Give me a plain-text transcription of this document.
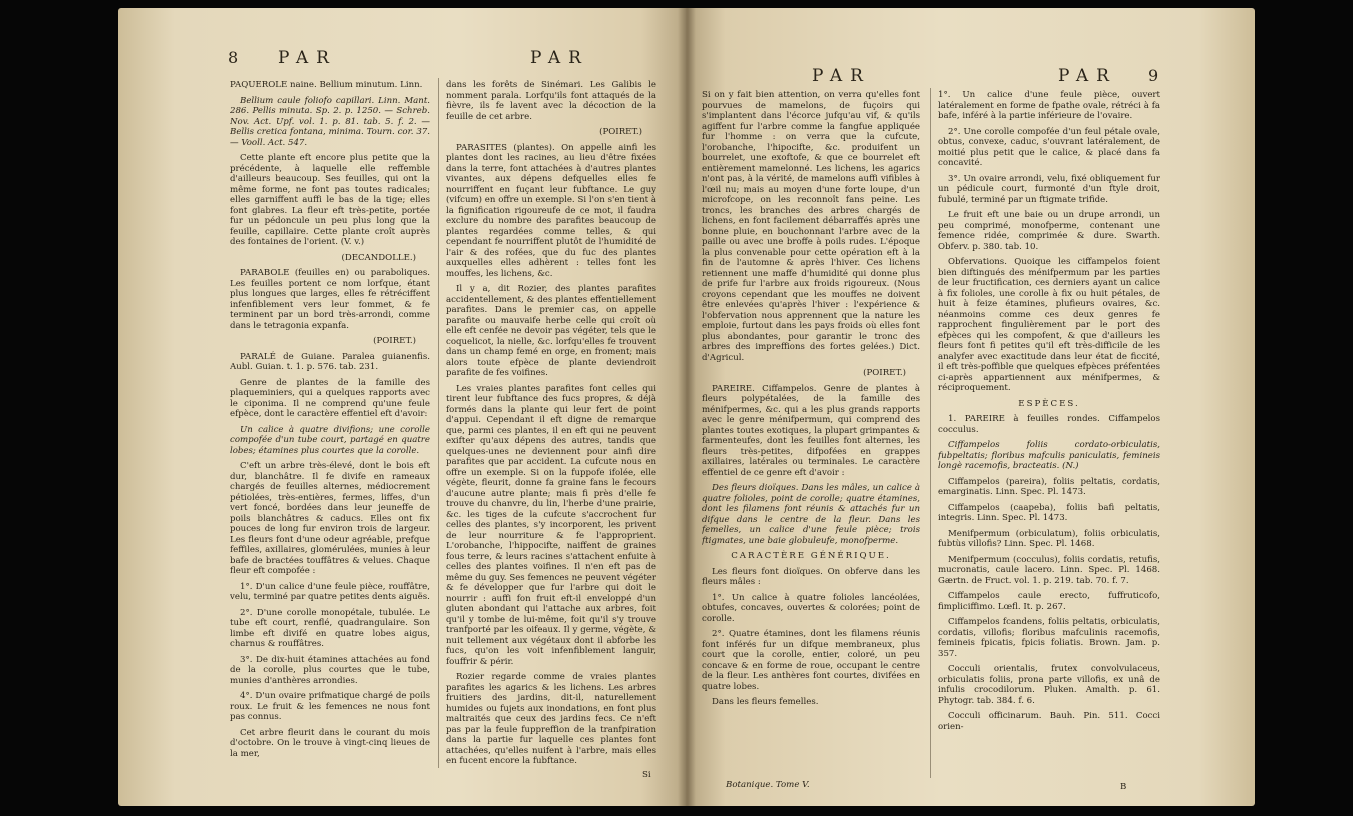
8 PAR	PAR

PAQUEROLE naine. Bellium minutum. Linn.

Bellium caule foliofo capillari. Linn. Mant. 286. Pellis minuta. Sp. 2. p. 1250. — Schreb. Nov. Act. Upf. vol. 1. p. 81. tab. 5. f. 2. — Bellis cretica fontana, minima. Tourn. cor. 37. — Vooll. Act. 547.

Cette plante eft encore plus petite que la précédente, à laquelle elle reffemble d'ailleurs beaucoup. Ses feuilles, qui ont la même forme, ne font pas toutes radicales; elles garniffent auffi le bas de la tige; elles font glabres. La fleur eft très-petite, portée fur un pédoncule un peu plus long que la feuille, capillaire. Cette plante croît auprès des fontaines de l'orient. (V. v.)

(DECANDOLLE.)

PARABOLE (feuilles en) ou paraboliques. Les feuilles portent ce nom lorfque, étant plus longues que larges, elles fe rétréciffent infenfiblement vers leur fommet, & fe terminent par un bord très-arrondi, comme dans le tetragonia expanfa.

(POIRET.)

PARALÉ de Guiane. Paralea guianenfis. Aubl. Guian. t. 1. p. 576. tab. 231.

Genre de plantes de la famille des plaqueminiers, qui a quelques rapports avec le ciponima. Il ne comprend qu'une feule efpèce, dont le caractère effentiel eft d'avoir:

Un calice à quatre divifions; une corolle compofée d'un tube court, partagé en quatre lobes; étamines plus courtes que la corolle.

C'eft un arbre très-élevé, dont le bois eft dur, blanchâtre. Il fe divife en rameaux chargés de feuilles alternes, médiocrement pétiolées, très-entières, fermes, liffes, d'un vert foncé, bordées dans leur jeuneffe de poils blanchâtres & caducs. Elles ont fix pouces de long fur environ trois de largeur. Les fleurs font d'une odeur agréable, prefque feffiles, axillaires, glomérulées, munies à leur bafe de bractées touffâtres & velues. Chaque fleur eft compofée :

1°. D'un calice d'une feule pièce, rouffâtre, velu, terminé par quatre petites dents aiguës.

2°. D'une corolle monopétale, tubulée. Le tube eft court, renflé, quadrangulaire. Son limbe eft divifé en quatre lobes aigus, charnus & rouffâtres.

3°. De dix-huit étamines attachées au fond de la corolle, plus courtes que le tube, munies d'anthères arrondies.

4°. D'un ovaire prifmatique chargé de poils roux. Le fruit & les femences ne nous font pas connus.

Cet arbre fleurit dans le courant du mois d'octobre. On le trouve à vingt-cinq lieues de la mer,

dans les forêts de Sinémari. Les Galibis le nomment parala. Lorfqu'ils font attaqués de la fièvre, ils fe lavent avec la décoction de la feuille de cet arbre.

(POIRET.)

PARASITES (plantes). On appelle ainfi les plantes dont les racines, au lieu d'être fixées dans la terre, font attachées à d'autres plantes vivantes, aux dépens defquelles elles fe nourriffent en fuçant leur fubftance. Le guy (vifcum) en offre un exemple. Si l'on s'en tient à la fignification rigoureufe de ce mot, il faudra exclure du nombre des parafites beaucoup de plantes regardées comme telles, & qui cependant fe nourriffent plutôt de l'humidité de l'air & des rofées, que du fuc des plantes auxquelles elles adhèrent : telles font les mouffes, les lichens, &c.

Il y a, dit Rozier, des plantes parafites accidentellement, & des plantes effentiellement parafites. Dans le premier cas, on appelle parafite ou mauvaife herbe celle qui croît où elle eft cenfée ne devoir pas végéter, tels que le coquelicot, la nielle, &c. lorfqu'elles fe trouvent dans un champ femé en orge, en froment; mais alors toute efpèce de plante deviendroit parafite de fes voifines.

Les vraies plantes parafites font celles qui tirent leur fubftance des fucs propres, & déjà formés dans la plante qui leur fert de point d'appui. Cependant il eft digne de remarque que, parmi ces plantes, il en eft qui ne peuvent exifter qu'aux dépens des autres, tandis que quelques-unes ne deviennent pour ainfi dire parafites que par accident. La cufcute nous en offre un exemple. Si on la fuppofe ifolée, elle végète, fleurit, donne fa graine fans le fecours d'aucune autre plante; mais fi près d'elle fe trouve du chanvre, du lin, l'herbe d'une prairie, &c. les tiges de la cufcute s'accrochent fur celles des plantes, s'y incorporent, les privent de leur nourriture & fe l'approprient. L'orobanche, l'hippocifte, naiffent de graines fous terre, & leurs racines s'attachent enfuite à celles des plantes voifines. Il n'en eft pas de même du guy. Ses femences ne peuvent végéter & fe développer que fur l'arbre qui doit le nourrir : auffi fon fruit eft-il enveloppé d'un gluten abondant qui l'attache aux arbres, foit qu'il y tombe de lui-même, foit qu'il s'y trouve tranfporté par les oifeaux. Il y germe, végète, & nuit tellement aux végétaux dont il abforbe les fucs, qu'on les voit infenfiblement languir, fouffrir & périr.

Rozier regarde comme de vraies plantes parafites les agarics & les lichens. Les arbres fruitiers des jardins, dit-il, naturellement humides ou fujets aux inondations, en font plus maltraités que ceux des jardins fecs. Ce n'eft pas par la feule fuppreffion de la tranfpiration dans la partie fur laquelle ces plantes font attachées, qu'elles nuifent à l'arbre, mais elles en fucent encore la fubftance.

Si
PAR	PAR 9

Si on y fait bien attention, on verra qu'elles font pourvues de mamelons, de fuçoirs qui s'implantent dans l'écorce jufqu'au vif, & qu'ils agiffent fur l'arbre comme la fangfue appliquée fur l'homme : on verra que la cufcute, l'orobanche, l'hipocifte, &c. produifent un bourrelet, une exoftofe, & que ce bourrelet eft entièrement mamelonné. Les lichens, les agarics n'ont pas, à la vérité, de mamelons auffi vifibles à l'œil nu; mais au moyen d'une forte loupe, d'un microfcope, on les reconnoît fans peine. Les troncs, les branches des arbres chargés de lichens, en font facilement débarraffés après une bonne pluie, en bouchonnant l'arbre avec de la paille ou avec une broffe à poils rudes. L'époque la plus convenable pour cette opération eft à la fin de l'automne & après l'hiver. Ces lichens retiennent une maffe d'humidité qui donne plus de prife fur l'arbre aux froids rigoureux. (Nous croyons cependant que les mouffes ne doivent être enlevées qu'après l'hiver : l'expérience & l'obfervation nous apprennent que la nature les emploie, furtout dans les pays froids où elles font plus abondantes, pour garantir le tronc des arbres des impreffions des fortes gelées.) Dict. d'Agricul.

(POIRET.)

PAREIRE. Ciffampelos. Genre de plantes à fleurs polypétalées, de la famille des ménifpermes, &c. qui a les plus grands rapports avec le genre ménifpermum, qui comprend des plantes toutes exotiques, la plupart grimpantes & farmenteufes, dont les feuilles font alternes, les fleurs très-petites, difpofées en grappes axillaires, latérales ou terminales. Le caractère effentiel de ce genre eft d'avoir :

Des fleurs dioïques. Dans les mâles, un calice à quatre folioles, point de corolle; quatre étamines, dont les filamens font réunis & attachés fur un difque dans le centre de la fleur. Dans les femelles, un calice d'une feule pièce; trois ftigmates, une baie globuleufe, monofperme.

CARACTÈRE GÉNÉRIQUE.

Les fleurs font dioïques. On obferve dans les fleurs mâles :

1°. Un calice à quatre folioles lancéolées, obtufes, concaves, ouvertes & colorées; point de corolle.

2°. Quatre étamines, dont les filamens réunis font inférés fur un difque membraneux, plus court que la corolle, entier, coloré, un peu concave & en forme de roue, occupant le centre de la fleur. Les anthères font courtes, divifées en quatre lobes.

Dans les fleurs femelles.

Botanique. Tome V.

1°. Un calice d'une feule pièce, ouvert latéralement en forme de fpathe ovale, rétréci à fa bafe, inféré à la partie inférieure de l'ovaire.

2°. Une corolle compofée d'un feul pétale ovale, obtus, convexe, caduc, s'ouvrant latéralement, de moitié plus petit que le calice, & placé dans fa concavité.

3°. Un ovaire arrondi, velu, fixé obliquement fur un pédicule court, furmonté d'un ftyle droit, fubulé, terminé par un ftigmate trifide.

Le fruit eft une baie ou un drupe arrondi, un peu comprimé, monofperme, contenant une femence ridée, comprimée & dure. Swarth. Obferv. p. 380. tab. 10.

Obfervations. Quoique les ciffampelos foient bien diftingués des ménifpermum par les parties de leur fructification, ces derniers ayant un calice à fix folioles, une corolle à fix ou huit pétales, de huit à feize étamines, plufieurs ovaires, &c. néanmoins comme ces deux genres fe rapprochent fingulièrement par le port des efpèces qui les compofent, & que d'ailleurs les fleurs font fi petites qu'il eft très-difficile de les analyfer avec exactitude dans leur état de ficcité, il eft très-poffible que quelques efpèces préfentées ci-après appartiennent aux ménifpermes, & réciproquement.

ESPÈCES.

1. PAREIRE à feuilles rondes. Ciffampelos cocculus.

Ciffampelos foliis cordato-orbiculatis, fubpeltatis; floribus mafculis paniculatis, femineis longè racemofis, bracteatis. (N.)

Ciffampelos (pareira), foliis peltatis, cordatis, emarginatis. Linn. Spec. Pl. 1473.

Ciffampelos (caapeba), foliis bafi peltatis, integris. Linn. Spec. Pl. 1473.

Menifpermum (orbiculatum), foliis orbiculatis, fubtùs villofis? Linn. Spec. Pl. 1468.

Menifpermum (cocculus), foliis cordatis, retufis, mucronatis, caule lacero. Linn. Spec. Pl. 1468. Gærtn. de Fruct. vol. 1. p. 219. tab. 70. f. 7.

Ciffampelos caule erecto, fuffruticofo, fimpliciffimo. Lœfl. It. p. 267.

Ciffampelos fcandens, foliis peltatis, orbiculatis, cordatis, villofis; floribus mafculinis racemofis, femineis fpicatis, fpicis foliatis. Brown. Jam. p. 357.

Cocculi orientalis, frutex convolvulaceus, orbiculatis foliis, prona parte villofis, ex unâ de infulis crocodilorum. Pluken. Amalth. p. 61. Phytogr. tab. 384. f. 6.

Cocculi officinarum. Bauh. Pin. 511. Cocci orien-

B
